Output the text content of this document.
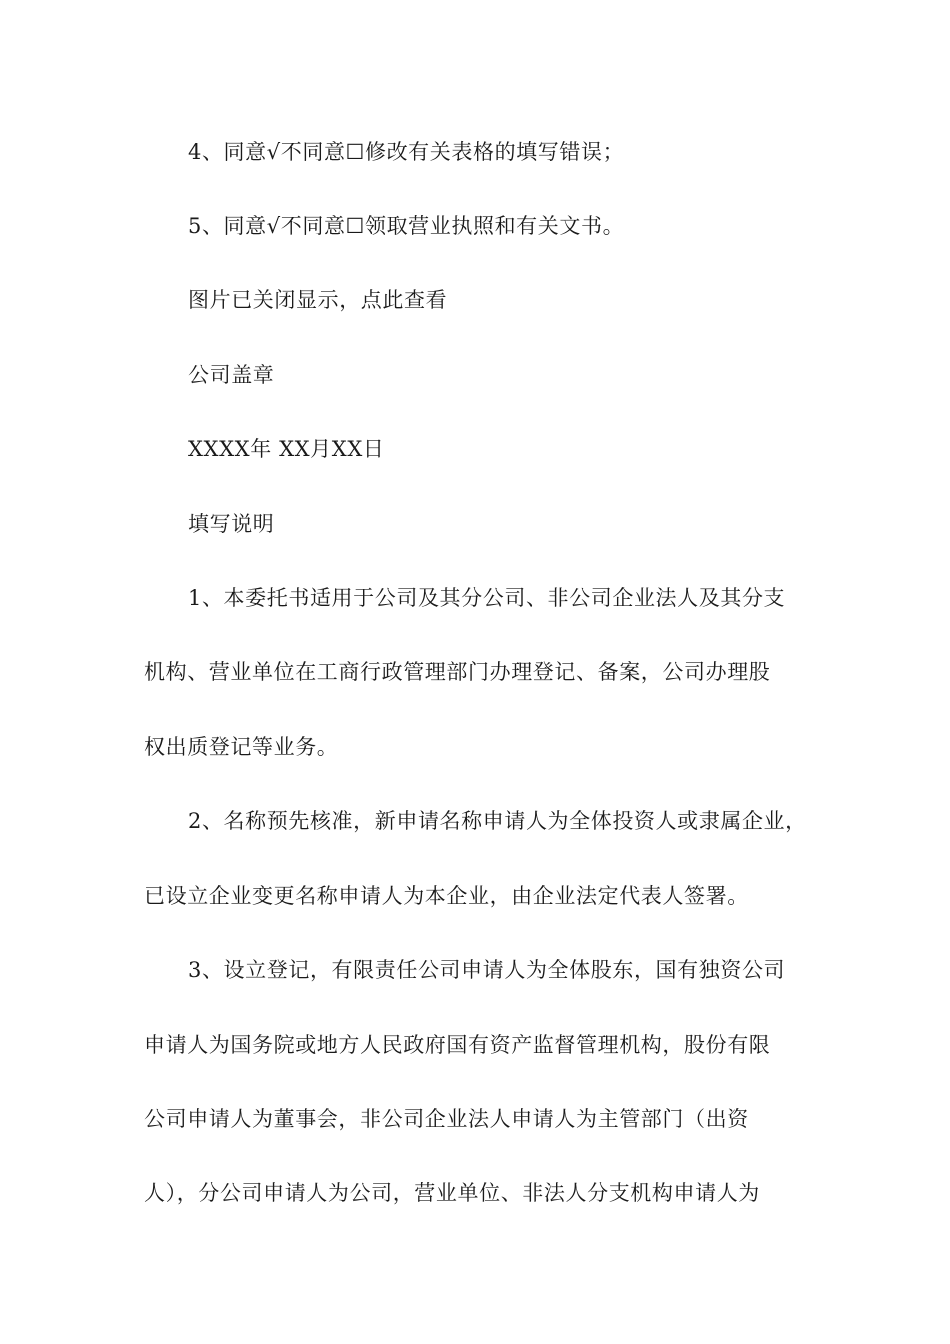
4、同意√不同意☐修改有关表格的填写错误；
5、同意√不同意☐领取营业执照和有关文书。
图片已关闭显示，点此查看
公司盖章
XXXX年 XX月XX日
填写说明
1、本委托书适用于公司及其分公司、非公司企业法人及其分支
机构、营业单位在工商行政管理部门办理登记、备案，公司办理股
权出质登记等业务。
2、名称预先核准，新申请名称申请人为全体投资人或隶属企业，
已设立企业变更名称申请人为本企业，由企业法定代表人签署。
3、设立登记，有限责任公司申请人为全体股东，国有独资公司
申请人为国务院或地方人民政府国有资产监督管理机构，股份有限
公司申请人为董事会，非公司企业法人申请人为主管部门（出资
人），分公司申请人为公司，营业单位、非法人分支机构申请人为
